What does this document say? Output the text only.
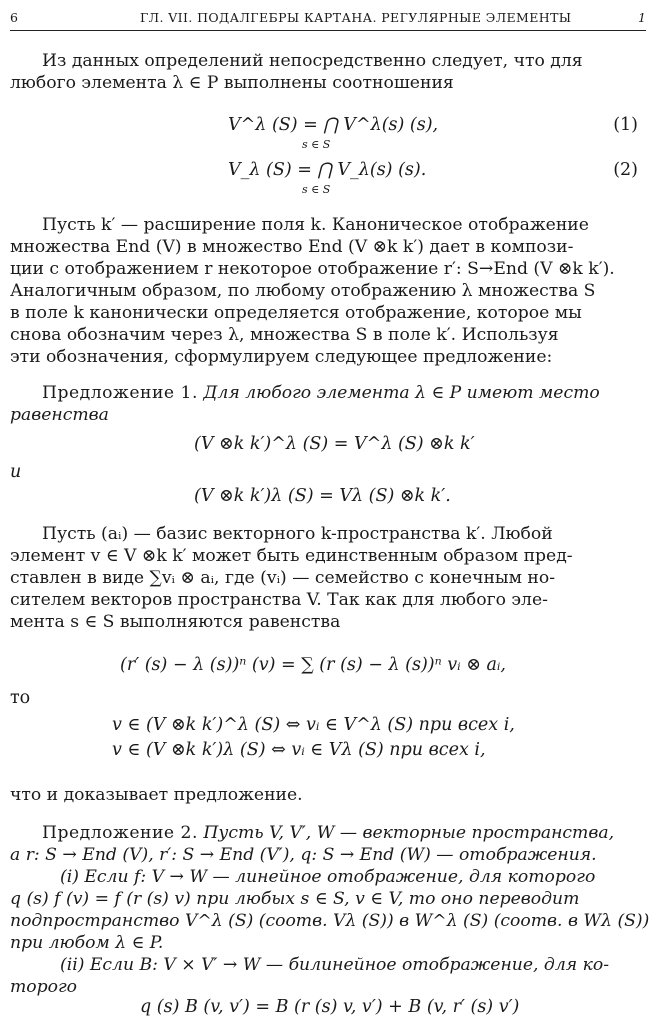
6	ГЛ. VII. ПОДАЛГЕБРЫ КАРТАНА. РЕГУЛЯРНЫЕ ЭЛЕМЕНТЫ	1
Из данных определений непосредственно следует, что для
любого элемента λ ∈ P выполнены соотношения
V^λ (S) = ⋂ V^λ(s) (s),
s ∈ S
(1)
V_λ (S) = ⋂ V_λ(s) (s).
s ∈ S
(2)
Пусть k′ — расширение поля k. Каноническое отображение
множества End (V) в множество End (V ⊗k k′) дает в компози-
ции с отображением r некоторое отображение r′: S→End (V ⊗k k′).
Аналогичным образом, по любому отображению λ множества S
в поле k канонически определяется отображение, которое мы
снова обозначим через λ, множества S в поле k′. Используя
эти обозначения, сформулируем следующее предложение:
Предложение 1. Для любого элемента λ ∈ P имеют место
равенства
(V ⊗k k′)^λ (S) = V^λ (S) ⊗k k′
и
(V ⊗k k′)λ (S) = Vλ (S) ⊗k k′.
Пусть (aᵢ) — базис векторного k-пространства k′. Любой
элемент v ∈ V ⊗k k′ может быть единственным образом пред-
ставлен в виде ∑vᵢ ⊗ aᵢ, где (vᵢ) — семейство с конечным но-
сителем векторов пространства V. Так как для любого эле-
мента s ∈ S выполняются равенства
(r′ (s) − λ (s))ⁿ (v) = ∑ (r (s) − λ (s))ⁿ vᵢ ⊗ aᵢ,
то
v ∈ (V ⊗k k′)^λ (S) ⇔ vᵢ ∈ V^λ (S) при всех i,
v ∈ (V ⊗k k′)λ (S) ⇔ vᵢ ∈ Vλ (S) при всех i,
что и доказывает предложение.
Предложение 2. Пусть V, V′, W — векторные пространства,
a r: S → End (V), r′: S → End (V′), q: S → End (W) — отображения.
(i) Если f: V → W — линейное отображение, для которого
q (s) f (v) = f (r (s) v) при любых s ∈ S, v ∈ V, то оно переводит
подпространство V^λ (S) (соотв. Vλ (S)) в W^λ (S) (соотв. в Wλ (S))
при любом λ ∈ P.
(ii) Если B: V × V′ → W — билинейное отображение, для ко-
торого
q (s) B (v, v′) = B (r (s) v, v′) + B (v, r′ (s) v′)
